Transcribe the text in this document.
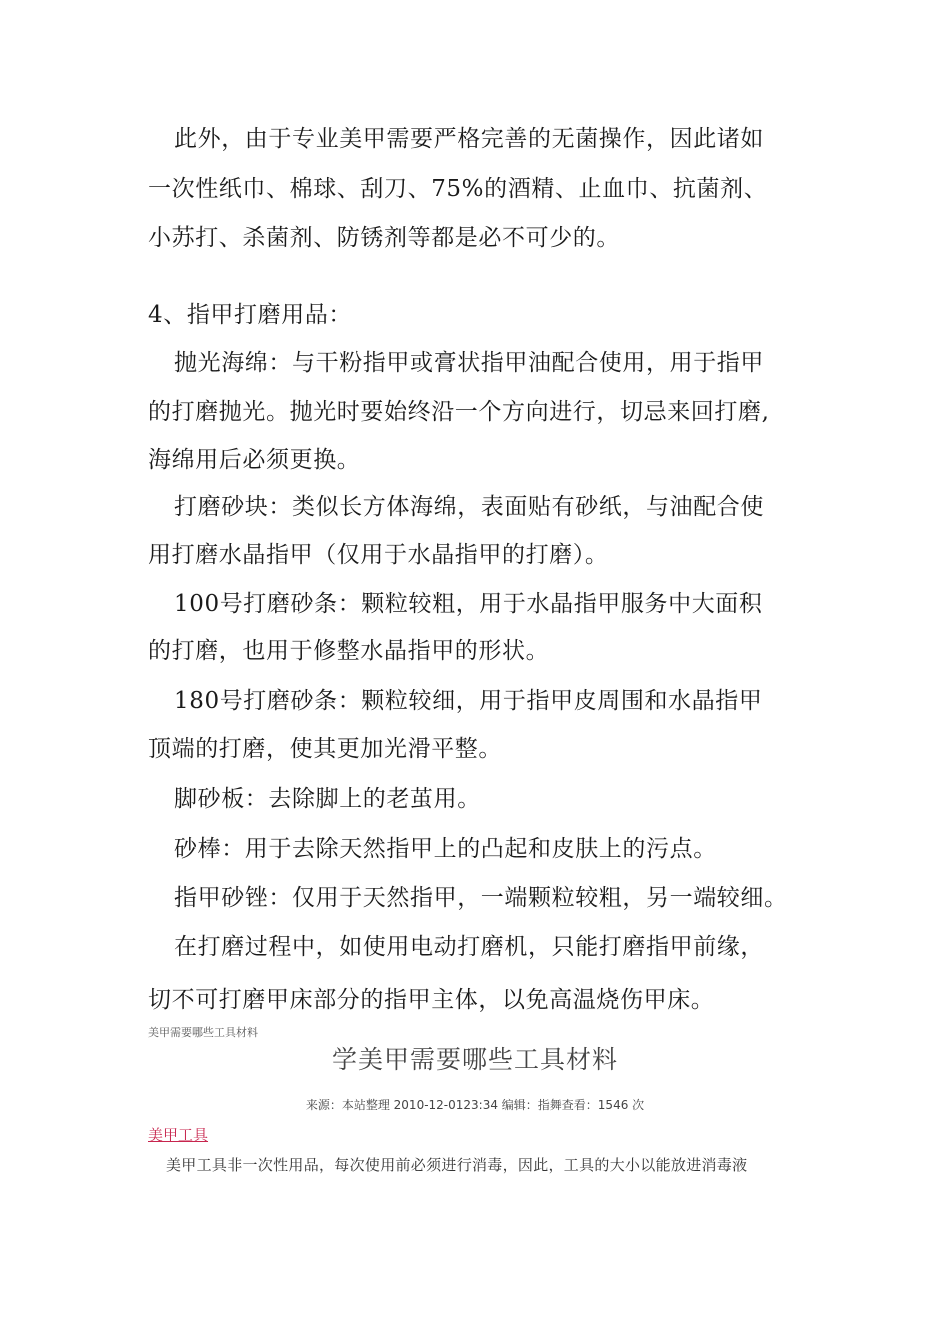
此外，由于专业美甲需要严格完善的无菌操作，因此诸如
一次性纸巾、棉球、刮刀、75%的酒精、止血巾、抗菌剂、
小苏打、杀菌剂、防锈剂等都是必不可少的。
4、指甲打磨用品：
抛光海绵：与干粉指甲或膏状指甲油配合使用，用于指甲
的打磨抛光。抛光时要始终沿一个方向进行，切忌来回打磨,
海绵用后必须更换。
打磨砂块：类似长方体海绵，表面贴有砂纸，与油配合使
用打磨水晶指甲（仅用于水晶指甲的打磨）。
100号打磨砂条：颗粒较粗，用于水晶指甲服务中大面积
的打磨，也用于修整水晶指甲的形状。
180号打磨砂条：颗粒较细，用于指甲皮周围和水晶指甲
顶端的打磨，使其更加光滑平整。
脚砂板：去除脚上的老茧用。
砂棒：用于去除天然指甲上的凸起和皮肤上的污点。
指甲砂锉：仅用于天然指甲，一端颗粒较粗，另一端较细。
在打磨过程中，如使用电动打磨机，只能打磨指甲前缘，
切不可打磨甲床部分的指甲主体，以免高温烧伤甲床。
美甲需要哪些工具材料
学美甲需要哪些工具材料
来源：本站整理 2010-12-0123:34 编辑：指舞查看：1546 次
美甲工具
美甲工具非一次性用品，每次使用前必须进行消毒，因此，工具的大小以能放进消毒液
